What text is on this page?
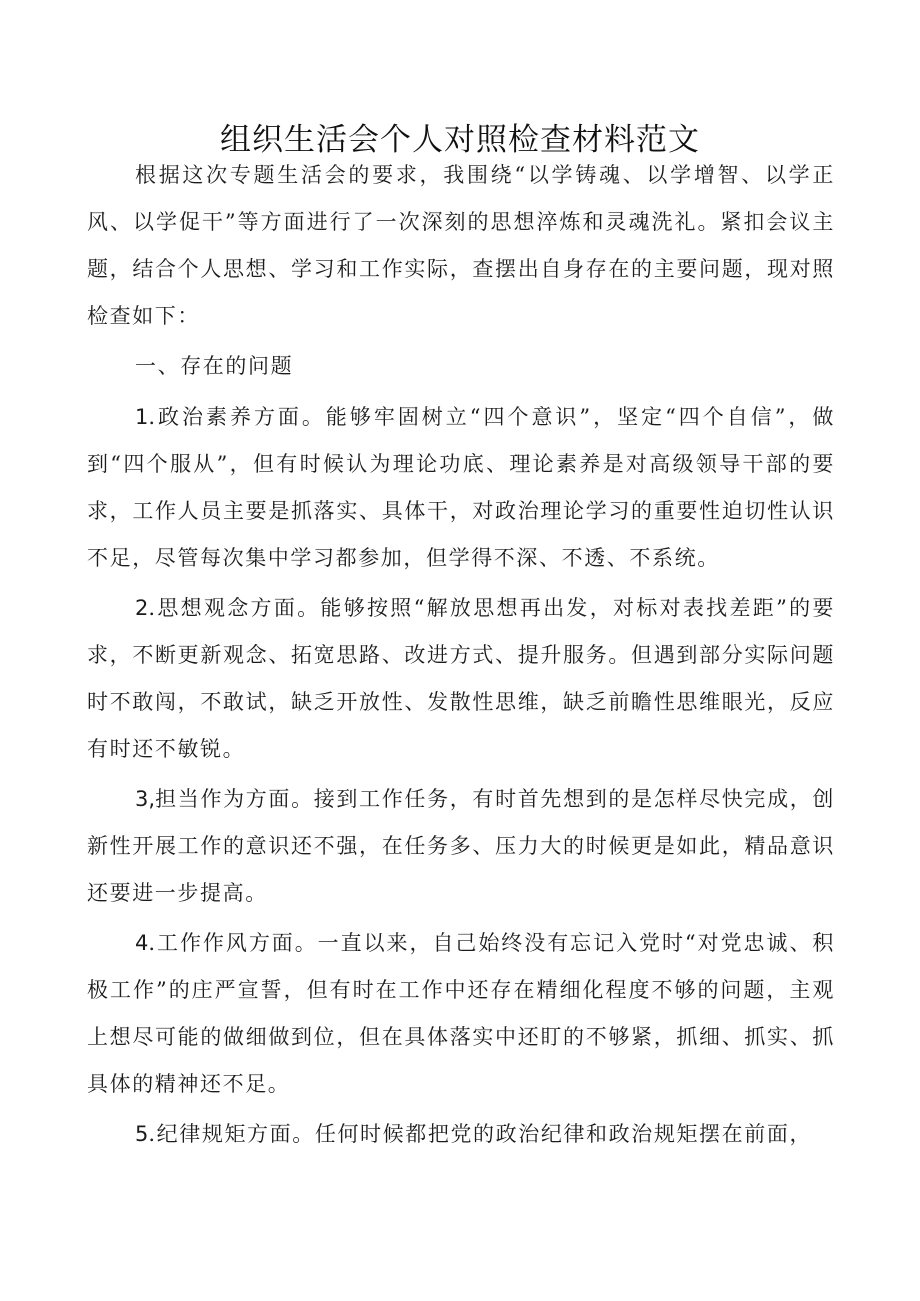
组织生活会个人对照检查材料范文

根据这次专题生活会的要求，我围绕“以学铸魂、以学增智、以学正风、以学促干”等方面进行了一次深刻的思想淬炼和灵魂洗礼。紧扣会议主题，结合个人思想、学习和工作实际，查摆出自身存在的主要问题，现对照检查如下：

一、存在的问题

1.政治素养方面。能够牢固树立“四个意识”，坚定“四个自信”，做到“四个服从”，但有时候认为理论功底、理论素养是对高级领导干部的要求，工作人员主要是抓落实、具体干，对政治理论学习的重要性迫切性认识不足，尽管每次集中学习都参加，但学得不深、不透、不系统。

2.思想观念方面。能够按照“解放思想再出发，对标对表找差距”的要求，不断更新观念、拓宽思路、改进方式、提升服务。但遇到部分实际问题时不敢闯，不敢试，缺乏开放性、发散性思维，缺乏前瞻性思维眼光，反应有时还不敏锐。

3,担当作为方面。接到工作任务，有时首先想到的是怎样尽快完成，创新性开展工作的意识还不强，在任务多、压力大的时候更是如此，精品意识还要进一步提高。

4.工作作风方面。一直以来，自己始终没有忘记入党时“对党忠诚、积极工作”的庄严宣誓，但有时在工作中还存在精细化程度不够的问题，主观上想尽可能的做细做到位，但在具体落实中还盯的不够紧，抓细、抓实、抓具体的精神还不足。

5.纪律规矩方面。任何时候都把党的政治纪律和政治规矩摆在前面，
